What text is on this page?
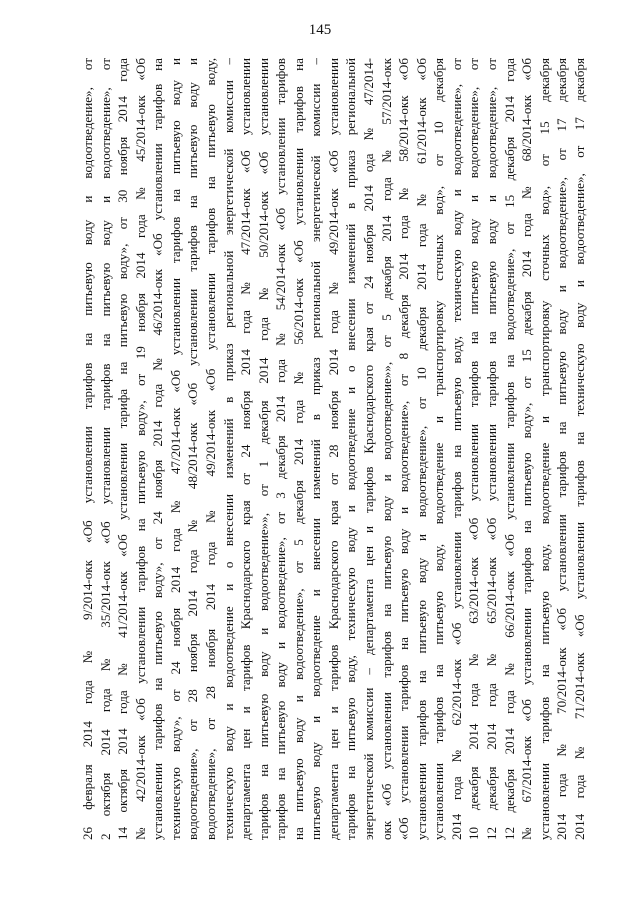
145
26 февраля 2014 года № 9/2014-окк «Об установлении тарифов на питьевую воду и водоотведение», от 2 октября 2014 года № 35/2014-окк «Об установлении тарифов на питьевую воду и водоотведение», от 14 октября 2014 года № 41/2014-окк «Об установлении тарифа на питьевую воду», от 30 ноября 2014 года № 42/2014-окк «Об установлении тарифов на питьевую воду», от 19 ноября 2014 года № 45/2014-окк «Об установлении тарифов на питьевую воду», от 24 ноября 2014 года № 46/2014-окк «Об установлении тарифов на техническую воду», от 24 ноября 2014 года № 47/2014-окк «Об установлении тарифов на питьевую воду и водоотведение», от 28 ноября 2014 года № 48/2014-окк «Об установлении тарифов на питьевую воду и водоотведение», от 28 ноября 2014 года № 49/2014-окк «Об установлении тарифов на питьевую воду, техническую воду и водоотведение и о внесении изменений в приказ региональной энергетической комиссии – департамента цен и тарифов Краснодарского края от 24 ноября 2014 года № 47/2014-окк «Об установлении тарифов на питьевую воду и водоотведение»», от 1 декабря 2014 года № 50/2014-окк «Об установлении тарифов на питьевую воду и водоотведение», от 3 декабря 2014 года № 54/2014-окк «Об установлении тарифов на питьевую воду и водоотведение», от 5 декабря 2014 года № 56/2014-окк «Об установлении тарифов на питьевую воду и водоотведение и внесении изменений в приказ региональной энергетической комиссии – департамента цен и тарифов Краснодарского края от 28 ноября 2014 года № 49/2014-окк «Об установлении тарифов на питьевую воду, техническую воду и водоотведение и о внесении изменений в приказ региональной энергетической комиссии – департамента цен и тарифов Краснодарского края от 24 ноября 2014 ода № 47/2014- окк «Об установлении тарифов на питьевую воду и водоотведение»», от 5 декабря 2014 года № 57/2014-окк «Об установлении тарифов на питьевую воду и водоотведение», от 8 декабря 2014 года № 58/2014-окк «Об установлении тарифов на питьевую воду и водоотведение», от 10 декабря 2014 года № 61/2014-окк «Об установлении тарифов на питьевую воду, водоотведение и транспортировку сточных вод», от 10 декабря 2014 года № 62/2014-окк «Об установлении тарифов на питьевую воду, техническую воду и водоотведение», от 10 декабря 2014 года № 63/2014-окк «Об установлении тарифов на питьевую воду и водоотведение», от 12 декабря 2014 года № 65/2014-окк «Об установлении тарифов на питьевую воду и водоотведение», от 12 декабря 2014 года № 66/2014-окк «Об установлении тарифов на водоотведение», от 15 декабря 2014 года № 67/2014-окк «Об установлении тарифов на питьевую воду», от 15 декабря 2014 года № 68/2014-окк «Об установлении тарифов на питьевую воду, водоотведение и транспортировку сточных вод», от 15 декабря 2014 года № 70/2014-окк «Об установлении тарифов на питьевую воду и водоотведение», от 17 декабря 2014 года № 71/2014-окк «Об установлении тарифов на техническую воду и водоотведение», от 17 декабря
